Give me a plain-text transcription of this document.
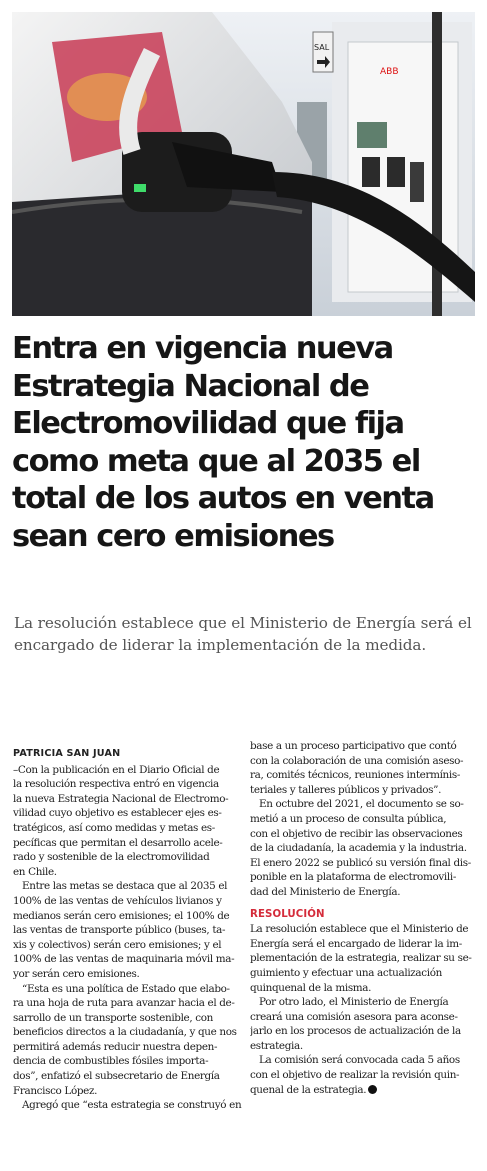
ABB
SAL
Entra en vigencia nueva
Estrategia Nacional de
Electromovilidad que fija
como meta que al 2035 el
total de los autos en venta
sean cero emisiones

La resolución establece que el Ministerio de Energía será el
encargado de liderar la implementación de la medida.

PATRICIA SAN JUAN
–Con la publicación en el Diario Oficial de
la resolución respectiva entró en vigencia
la nueva Estrategia Nacional de Electromo-
vilidad cuyo objetivo es establecer ejes es-
tratégicos, así como medidas y metas es-
pecíficas que permitan el desarrollo acele-
rado y sostenible de la electromovilidad
en Chile.
Entre las metas se destaca que al 2035 el
100% de las ventas de vehículos livianos y
medianos serán cero emisiones; el 100% de
las ventas de transporte público (buses, ta-
xis y colectivos) serán cero emisiones; y el
100% de las ventas de maquinaria móvil ma-
yor serán cero emisiones.
“Esta es una política de Estado que elabo-
ra una hoja de ruta para avanzar hacia el de-
sarrollo de un transporte sostenible, con
beneficios directos a la ciudadanía, y que nos
permitirá además reducir nuestra depen-
dencia de combustibles fósiles importa-
dos”, enfatizó el subsecretario de Energía
Francisco López.
Agregó que “esta estrategia se construyó en
base a un proceso participativo que contó
con la colaboración de una comisión aseso-
ra, comités técnicos, reuniones intermínis-
teriales y talleres públicos y privados”.
En octubre del 2021, el documento se so-
metió a un proceso de consulta pública,
con el objetivo de recibir las observaciones
de la ciudadanía, la academia y la industria.
El enero 2022 se publicó su versión final dis-
ponible en la plataforma de electromovili-
dad del Ministerio de Energía.
RESOLUCIÓN
La resolución establece que el Ministerio de
Energía será el encargado de liderar la im-
plementación de la estrategia, realizar su se-
guimiento y efectuar una actualización
quinquenal de la misma.
Por otro lado, el Ministerio de Energía
creará una comisión asesora para aconse-
jarlo en los procesos de actualización de la
estrategia.
La comisión será convocada cada 5 años
con el objetivo de realizar la revisión quin-
quenal de la estrategia.
